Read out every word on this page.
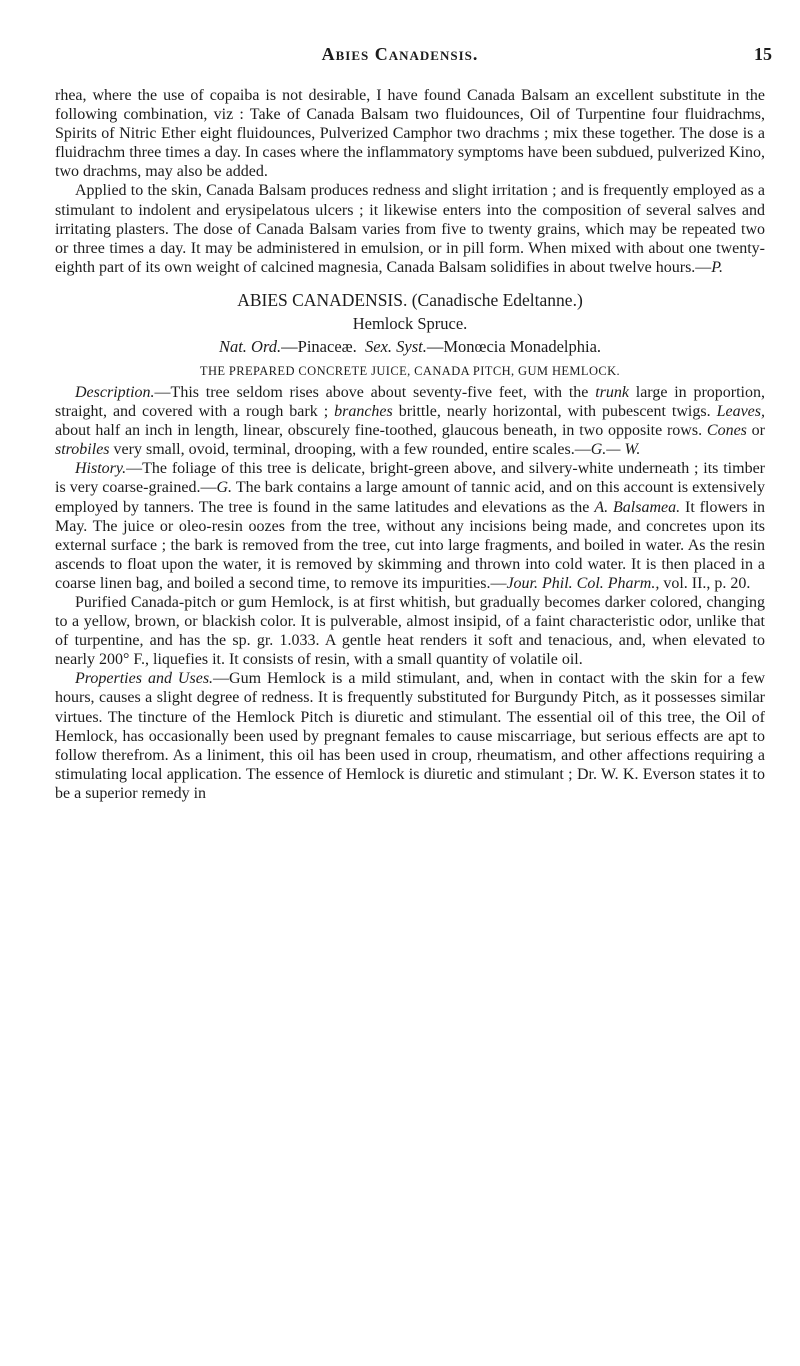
Abies Canadensis.	15

rhea, where the use of copaiba is not desirable, I have found Canada Balsam an excellent substitute in the following combination, viz : Take of Canada Balsam two fluidounces, Oil of Turpentine four fluidrachms, Spirits of Nitric Ether eight fluidounces, Pulverized Camphor two drachms ; mix these together. The dose is a fluidrachm three times a day. In cases where the inflammatory symptoms have been subdued, pulverized Kino, two drachms, may also be added.

Applied to the skin, Canada Balsam produces redness and slight irritation ; and is frequently employed as a stimulant to indolent and erysipelatous ulcers ; it likewise enters into the composition of several salves and irritating plasters. The dose of Canada Balsam varies from five to twenty grains, which may be repeated two or three times a day. It may be administered in emulsion, or in pill form. When mixed with about one twenty-eighth part of its own weight of calcined magnesia, Canada Balsam solidifies in about twelve hours.—P.

ABIES CANADENSIS. (Canadische Edeltanne.)
Hemlock Spruce.
Nat. Ord.—Pinaceæ. Sex. Syst.—Monœcia Monadelphia.
THE PREPARED CONCRETE JUICE, CANADA PITCH, GUM HEMLOCK.

Description.—This tree seldom rises above about seventy-five feet, with the trunk large in proportion, straight, and covered with a rough bark ; branches brittle, nearly horizontal, with pubescent twigs. Leaves, about half an inch in length, linear, obscurely fine-toothed, glaucous beneath, in two opposite rows. Cones or strobiles very small, ovoid, terminal, drooping, with a few rounded, entire scales.—G.— W.

History.—The foliage of this tree is delicate, bright-green above, and silvery-white underneath ; its timber is very coarse-grained.—G. The bark contains a large amount of tannic acid, and on this account is extensively employed by tanners. The tree is found in the same latitudes and elevations as the A. Balsamea. It flowers in May. The juice or oleo-resin oozes from the tree, without any incisions being made, and concretes upon its external surface ; the bark is removed from the tree, cut into large fragments, and boiled in water. As the resin ascends to float upon the water, it is removed by skimming and thrown into cold water. It is then placed in a coarse linen bag, and boiled a second time, to remove its impurities.—Jour. Phil. Col. Pharm., vol. II., p. 20.

Purified Canada-pitch or gum Hemlock, is at first whitish, but gradually becomes darker colored, changing to a yellow, brown, or blackish color. It is pulverable, almost insipid, of a faint characteristic odor, unlike that of turpentine, and has the sp. gr. 1.033. A gentle heat renders it soft and tenacious, and, when elevated to nearly 200° F., liquefies it. It consists of resin, with a small quantity of volatile oil.

Properties and Uses.—Gum Hemlock is a mild stimulant, and, when in contact with the skin for a few hours, causes a slight degree of redness. It is frequently substituted for Burgundy Pitch, as it possesses similar virtues. The tincture of the Hemlock Pitch is diuretic and stimulant. The essential oil of this tree, the Oil of Hemlock, has occasionally been used by pregnant females to cause miscarriage, but serious effects are apt to follow therefrom. As a liniment, this oil has been used in croup, rheumatism, and other affections requiring a stimulating local application. The essence of Hemlock is diuretic and stimulant ; Dr. W. K. Everson states it to be a superior remedy in
